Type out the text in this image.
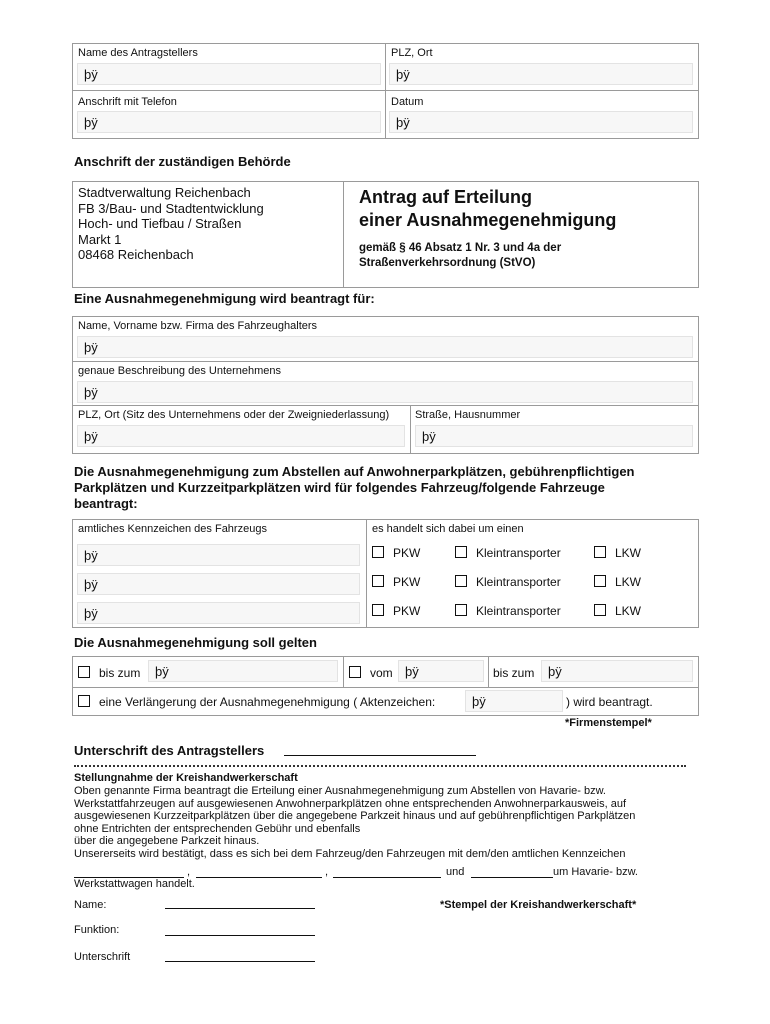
Name des Antragstellers	PLZ, Ort
þÿ	þÿ
Anschrift mit Telefon	Datum
þÿ	þÿ
Anschrift der zuständigen Behörde
Stadtverwaltung Reichenbach
FB 3/Bau- und Stadtentwicklung
Hoch- und Tiefbau / Straßen
Markt 1
08468 Reichenbach
Antrag auf Erteilung
einer Ausnahmegenehmigung
gemäß § 46 Absatz 1 Nr. 3 und 4a der
Straßenverkehrsordnung (StVO)
Eine Ausnahmegenehmigung wird beantragt für:
Name, Vorname bzw. Firma des Fahrzeughalters
þÿ
genaue Beschreibung des Unternehmens
þÿ
PLZ, Ort (Sitz des Unternehmens oder der Zweigniederlassung) Straße, Hausnummer
þÿ	þÿ
Die Ausnahmegenehmigung zum Abstellen auf Anwohnerparkplätzen, gebührenpflichtigen
Parkplätzen und Kurzzeitparkplätzen wird für folgendes Fahrzeug/folgende Fahrzeuge
beantragt:
amtliches Kennzeichen des Fahrzeugs	es handelt sich dabei um einen
þÿ	PKW	Kleintransporter	LKW
þÿ	PKW	Kleintransporter	LKW
þÿ	PKW	Kleintransporter	LKW
Die Ausnahmegenehmigung soll gelten
bis zum	þÿ	vom þÿ	bis zum	þÿ
eine Verlängerung der Ausnahmegenehmigung ( Aktenzeichen:	þÿ	) wird beantragt.
*Firmenstempel*
Unterschrift des Antragstellers
Stellungnahme der Kreishandwerkerschaft
Oben genannte Firma beantragt die Erteilung einer Ausnahmegenehmigung zum Abstellen von Havarie- bzw.
Werkstattfahrzeugen auf ausgewiesenen Anwohnerparkplätzen ohne entsprechenden Anwohnerparkausweis, auf
ausgewiesenen Kurzzeitparkplätzen über die angegebene Parkzeit hinaus und auf gebührenpflichtigen Parkplätzen
ohne Entrichten der entsprechenden Gebühr und ebenfalls
über die angegebene Parkzeit hinaus.
Unsererseits wird bestätigt, dass es sich bei dem Fahrzeug/den Fahrzeugen mit dem/den amtlichen Kennzeichen
,	,	und	um Havarie- bzw.
Werkstattwagen handelt.
Name:	*Stempel der Kreishandwerkerschaft*
Funktion:
Unterschrift
